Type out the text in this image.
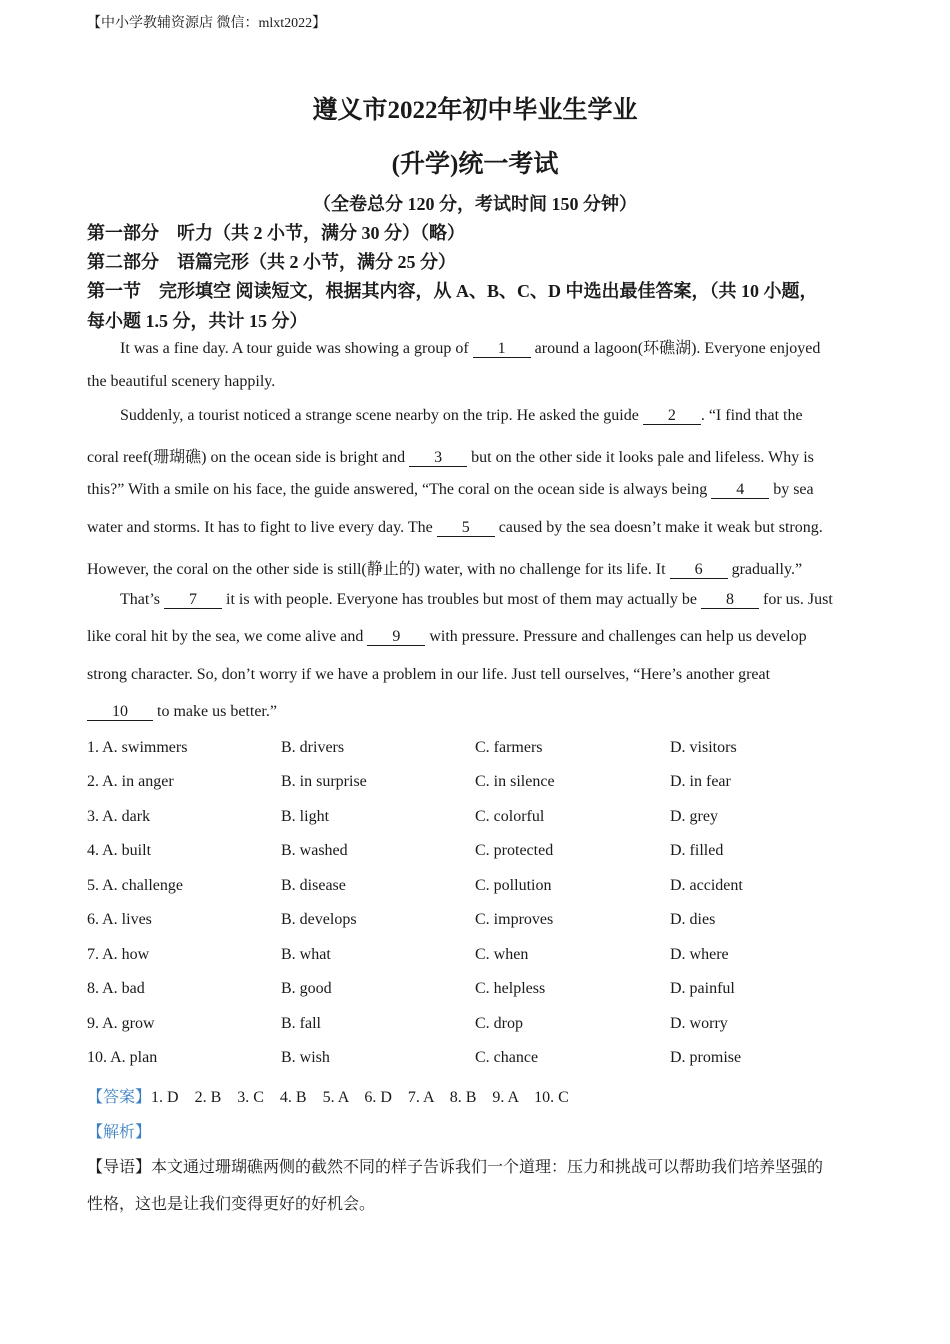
【中小学教辅资源店 微信：mlxt2022】
遵义市2022年初中毕业生学业
(升学)统一考试
（全卷总分 120 分，考试时间 150 分钟）
第一部分　听力（共 2 小节，满分 30 分）（略）
第二部分　语篇完形（共 2 小节，满分 25 分）
第一节　完形填空 阅读短文，根据其内容，从 A、B、C、D 中选出最佳答案，（共 10 小题，
每小题 1.5 分，共计 15 分）
It was a fine day. A tour guide was showing a group of 1 around a lagoon(环礁湖). Everyone enjoyed
the beautiful scenery happily.
Suddenly, a tourist noticed a strange scene nearby on the trip. He asked the guide 2 . “I find that the
coral reef(珊瑚礁) on the ocean side is bright and 3 but on the other side it looks pale and lifeless. Why is
this?” With a smile on his face, the guide answered, “The coral on the ocean side is always being 4 by sea
water and storms. It has to fight to live every day. The 5 caused by the sea doesn’t make it weak but strong.
However, the coral on the other side is still(静止的) water, with no challenge for its life. It 6 gradually.”
That’s 7 it is with people. Everyone has troubles but most of them may actually be 8 for us. Just
like coral hit by the sea, we come alive and 9 with pressure. Pressure and challenges can help us develop
strong character. So, don’t worry if we have a problem in our life. Just tell ourselves, “Here’s another great
10 to make us better.”
1. A. swimmers	B. drivers	C. farmers	D. visitors
2. A. in anger	B. in surprise	C. in silence	D. in fear
3. A. dark	B. light	C. colorful	D. grey
4. A. built	B. washed	C. protected	D. filled
5. A. challenge	B. disease	C. pollution	D. accident
6. A. lives	B. develops	C. improves	D. dies
7. A. how	B. what	C. when	D. where
8. A. bad	B. good	C. helpless	D. painful
9. A. grow	B. fall	C. drop	D. worry
10. A. plan	B. wish	C. chance	D. promise
【答案】1. D　2. B　3. C　4. B　5. A　6. D　7. A　8. B　9. A　10. C
【解析】
【导语】本文通过珊瑚礁两侧的截然不同的样子告诉我们一个道理：压力和挑战可以帮助我们培养坚强的
性格，这也是让我们变得更好的好机会。
